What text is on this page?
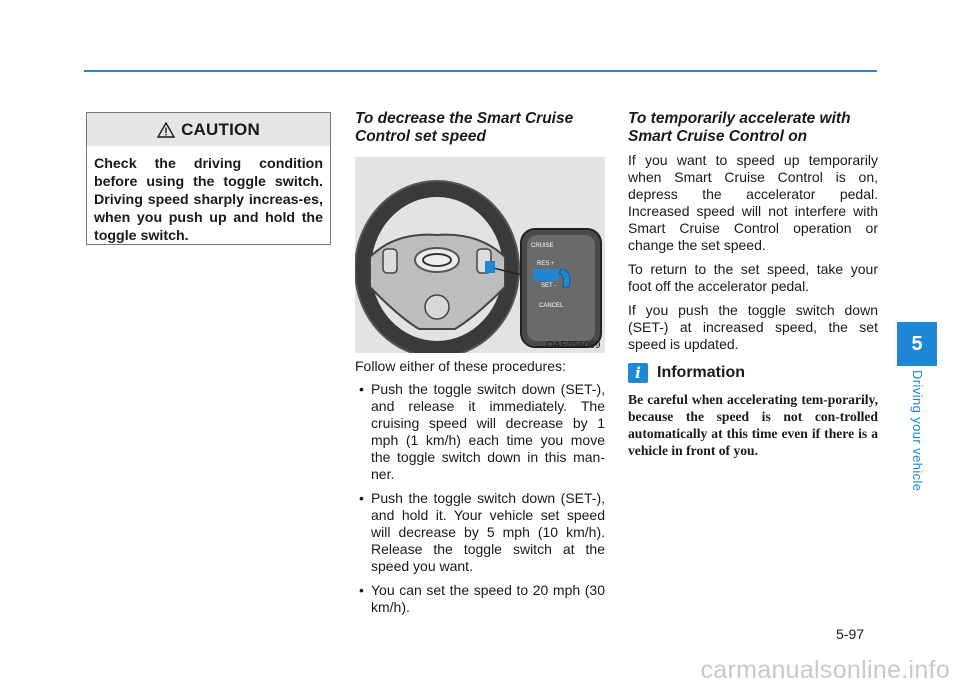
CAUTION
Check the driving condition before using the toggle switch. Driving speed sharply increas-es, when you push up and hold the toggle switch.
To decrease the Smart Cruise Control set speed
CRUISE
RES +
SET -
CANCEL
OAE056069

Follow either of these procedures:

• Push the toggle switch down (SET-), and release it immediately. The cruising speed will decrease by 1 mph (1 km/h) each time you move the toggle switch down in this man-ner.
• Push the toggle switch down (SET-), and hold it. Your vehicle set speed will decrease by 5 mph (10 km/h). Release the toggle switch at the speed you want.
• You can set the speed to 20 mph (30 km/h).
To temporarily accelerate with Smart Cruise Control on

If you want to speed up temporarily when Smart Cruise Control is on, depress the accelerator pedal. Increased speed will not interfere with Smart Cruise Control operation or change the set speed.

To return to the set speed, take your foot off the accelerator pedal.

If you push the toggle switch down (SET-) at increased speed, the set speed is updated.

i	Information
Be careful when accelerating tem-porarily, because the speed is not con-trolled automatically at this time even if there is a vehicle in front of you.
5
Driving your vehicle
5-97
carmanualsonline.info
